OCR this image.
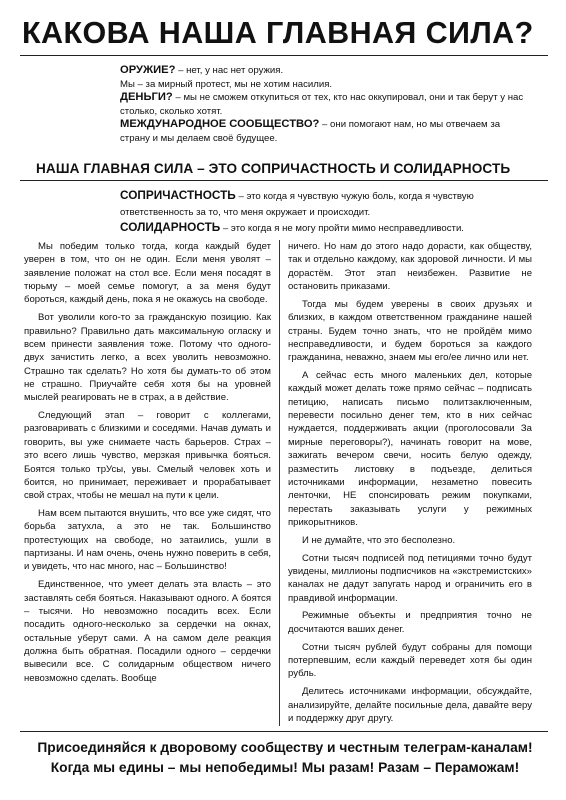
КАКОВА НАША ГЛАВНАЯ СИЛА?

ОРУЖИЕ? – нет, у нас нет оружия.

Мы – за мирный протест, мы не хотим насилия.

ДЕНЬГИ? – мы не сможем откупиться от тех, кто нас оккупировал, они и так берут у нас столько, сколько хотят.

МЕЖДУНАРОДНОЕ СООБЩЕСТВО? – они помогают нам, но мы отвечаем за страну и мы делаем своё будущее.

НАША ГЛАВНАЯ СИЛА – ЭТО СОПРИЧАСТНОСТЬ И СОЛИДАРНОСТЬ

СОПРИЧАСТНОСТЬ – это когда я чувствую чужую боль, когда я чувствую ответственность за то, что меня окружает и происходит.

СОЛИДАРНОСТЬ – это когда я не могу пройти мимо несправедливости.

Мы победим только тогда, когда каждый будет уверен в том, что он не один. Если меня уволят – заявление положат на стол все. Если меня посадят в тюрьму – моей семье помогут, а за меня будут бороться, каждый день, пока я не окажусь на свободе.

Вот уволили кого-то за гражданскую позицию. Как правильно? Правильно дать максимальную огласку и всем принести заявления тоже. Потому что одного-двух зачистить легко, а всех уволить невозможно. Страшно так сделать? Но хотя бы думать-то об этом не страшно. Приучайте себя хотя бы на уровней мыслей реагировать не в страх, а в действие.

Следующий этап – говорит с коллегами, разговаривать с близкими и соседями. Начав думать и говорить, вы уже снимаете часть барьеров. Страх – это всего лишь чувство, мерзкая привычка бояться. Боятся только трУсы, увы. Смелый человек хоть и боится, но принимает, переживает и прорабатывает свой страх, чтобы не мешал на пути к цели.

Нам всем пытаются внушить, что все уже сидят, что борьба затухла, а это не так. Большинство протестующих на свободе, но затаились, ушли в партизаны. И нам очень, очень нужно поверить в себя, и увидеть, что нас много, нас – Большинство!

Единственное, что умеет делать эта власть – это заставлять себя бояться. Наказывают одного. А боятся – тысячи. Но невозможно посадить всех. Если посадить одного-несколько за сердечки на окнах, остальные уберут сами. А на самом деле реакция должна быть обратная. Посадили одного – сердечки вывесили все. С солидарным обществом ничего невозможно сделать. Вообще

ничего. Но нам до этого надо дорасти, как обществу, так и отдельно каждому, как здоровой личности. И мы дорастём. Этот этап неизбежен. Развитие не остановить приказами.

Тогда мы будем уверены в своих друзьях и близких, в каждом ответственном гражданине нашей страны. Будем точно знать, что не пройдём мимо несправедливости, и будем бороться за каждого гражданина, неважно, знаем мы его/ее лично или нет.

А сейчас есть много маленьких дел, которые каждый может делать тоже прямо сейчас – подписать петицию, написать письмо политзаключенным, перевести посильно денег тем, кто в них сейчас нуждается, поддерживать акции (проголосовали За мирные переговоры?), начинать говорит на мове, зажигать вечером свечи, носить белую одежду, разместить листовку в подъезде, делиться источниками информации, незаметно повесить ленточки, НЕ спонсировать режим покупками, перестать заказывать услуги у режимных прикорытников.

И не думайте, что это бесполезно.

Сотни тысяч подписей под петициями точно будут увидены, миллионы подписчиков на «экстремистских» каналах не дадут запугать народ и ограничить его в правдивой информации.

Режимные объекты и предприятия точно не досчитаются ваших денег.

Сотни тысяч рублей будут собраны для помощи потерпевшим, если каждый переведет хотя бы один рубль.

Делитесь источниками информации, обсуждайте, анализируйте, делайте посильные дела, давайте веру и поддержку друг другу.

Присоединяйся к дворовому сообществу и честным телеграм-каналам!
Когда мы едины – мы непобедимы! Мы разам! Разам – Пераможам!
